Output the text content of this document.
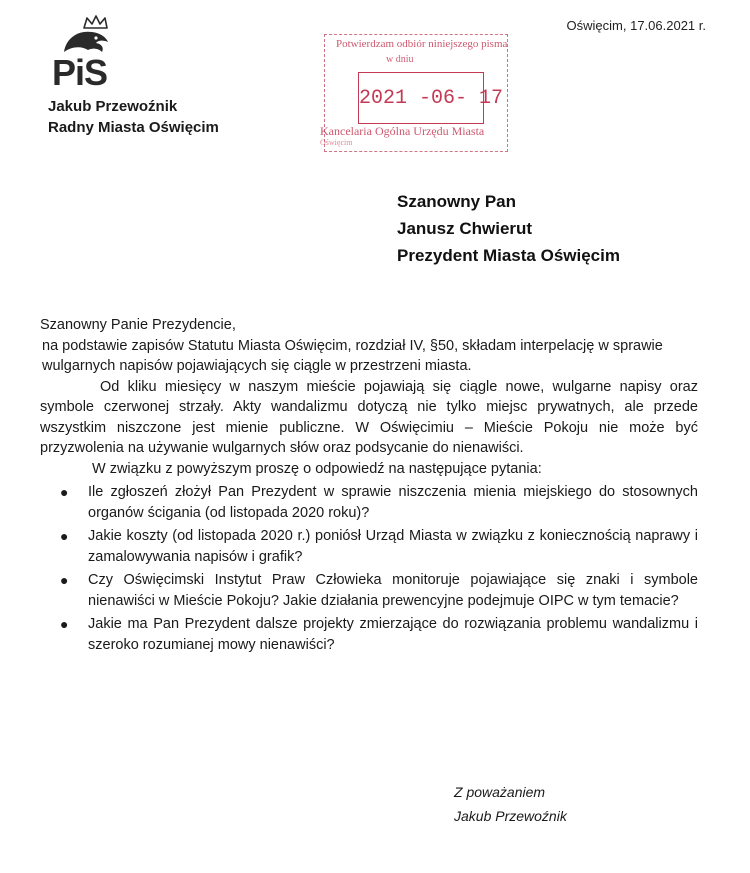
PiS
Jakub Przewoźnik
Radny Miasta Oświęcim
Oświęcim, 17.06.2021 r.
Potwierdzam odbiór niniejszego pisma
w dniu
2021 -06- 17
Kancelaria Ogólna Urzędu Miasta
Oświęcim
Szanowny Pan
Janusz Chwierut
Prezydent Miasta Oświęcim

Szanowny Panie Prezydencie,

na podstawie zapisów Statutu Miasta Oświęcim, rozdział IV, §50, składam interpelację w sprawie wulgarnych napisów pojawiających się ciągle w przestrzeni miasta.

Od kliku miesięcy w naszym mieście pojawiają się ciągle nowe, wulgarne napisy oraz symbole czerwonej strzały. Akty wandalizmu dotyczą nie tylko miejsc prywatnych, ale przede wszystkim niszczone jest mienie publiczne. W Oświęcimiu – Mieście Pokoju nie może być przyzwolenia na używanie wulgarnych słów oraz podsycanie do nienawiści.

W związku z powyższym proszę o odpowiedź na następujące pytania:

● Ile zgłoszeń złożył Pan Prezydent w sprawie niszczenia mienia miejskiego do stosownych organów ścigania (od listopada 2020 roku)?
● Jakie koszty (od listopada 2020 r.) poniósł Urząd Miasta w związku z koniecznością naprawy i zamalowywania napisów i grafik?
● Czy Oświęcimski Instytut Praw Człowieka monitoruje pojawiające się znaki i symbole nienawiści w Mieście Pokoju? Jakie działania prewencyjne podejmuje OIPC w tym temacie?
● Jakie ma Pan Prezydent dalsze projekty zmierzające do rozwiązania problemu wandalizmu i szeroko rozumianej mowy nienawiści?
Z poważaniem
Jakub Przewoźnik
